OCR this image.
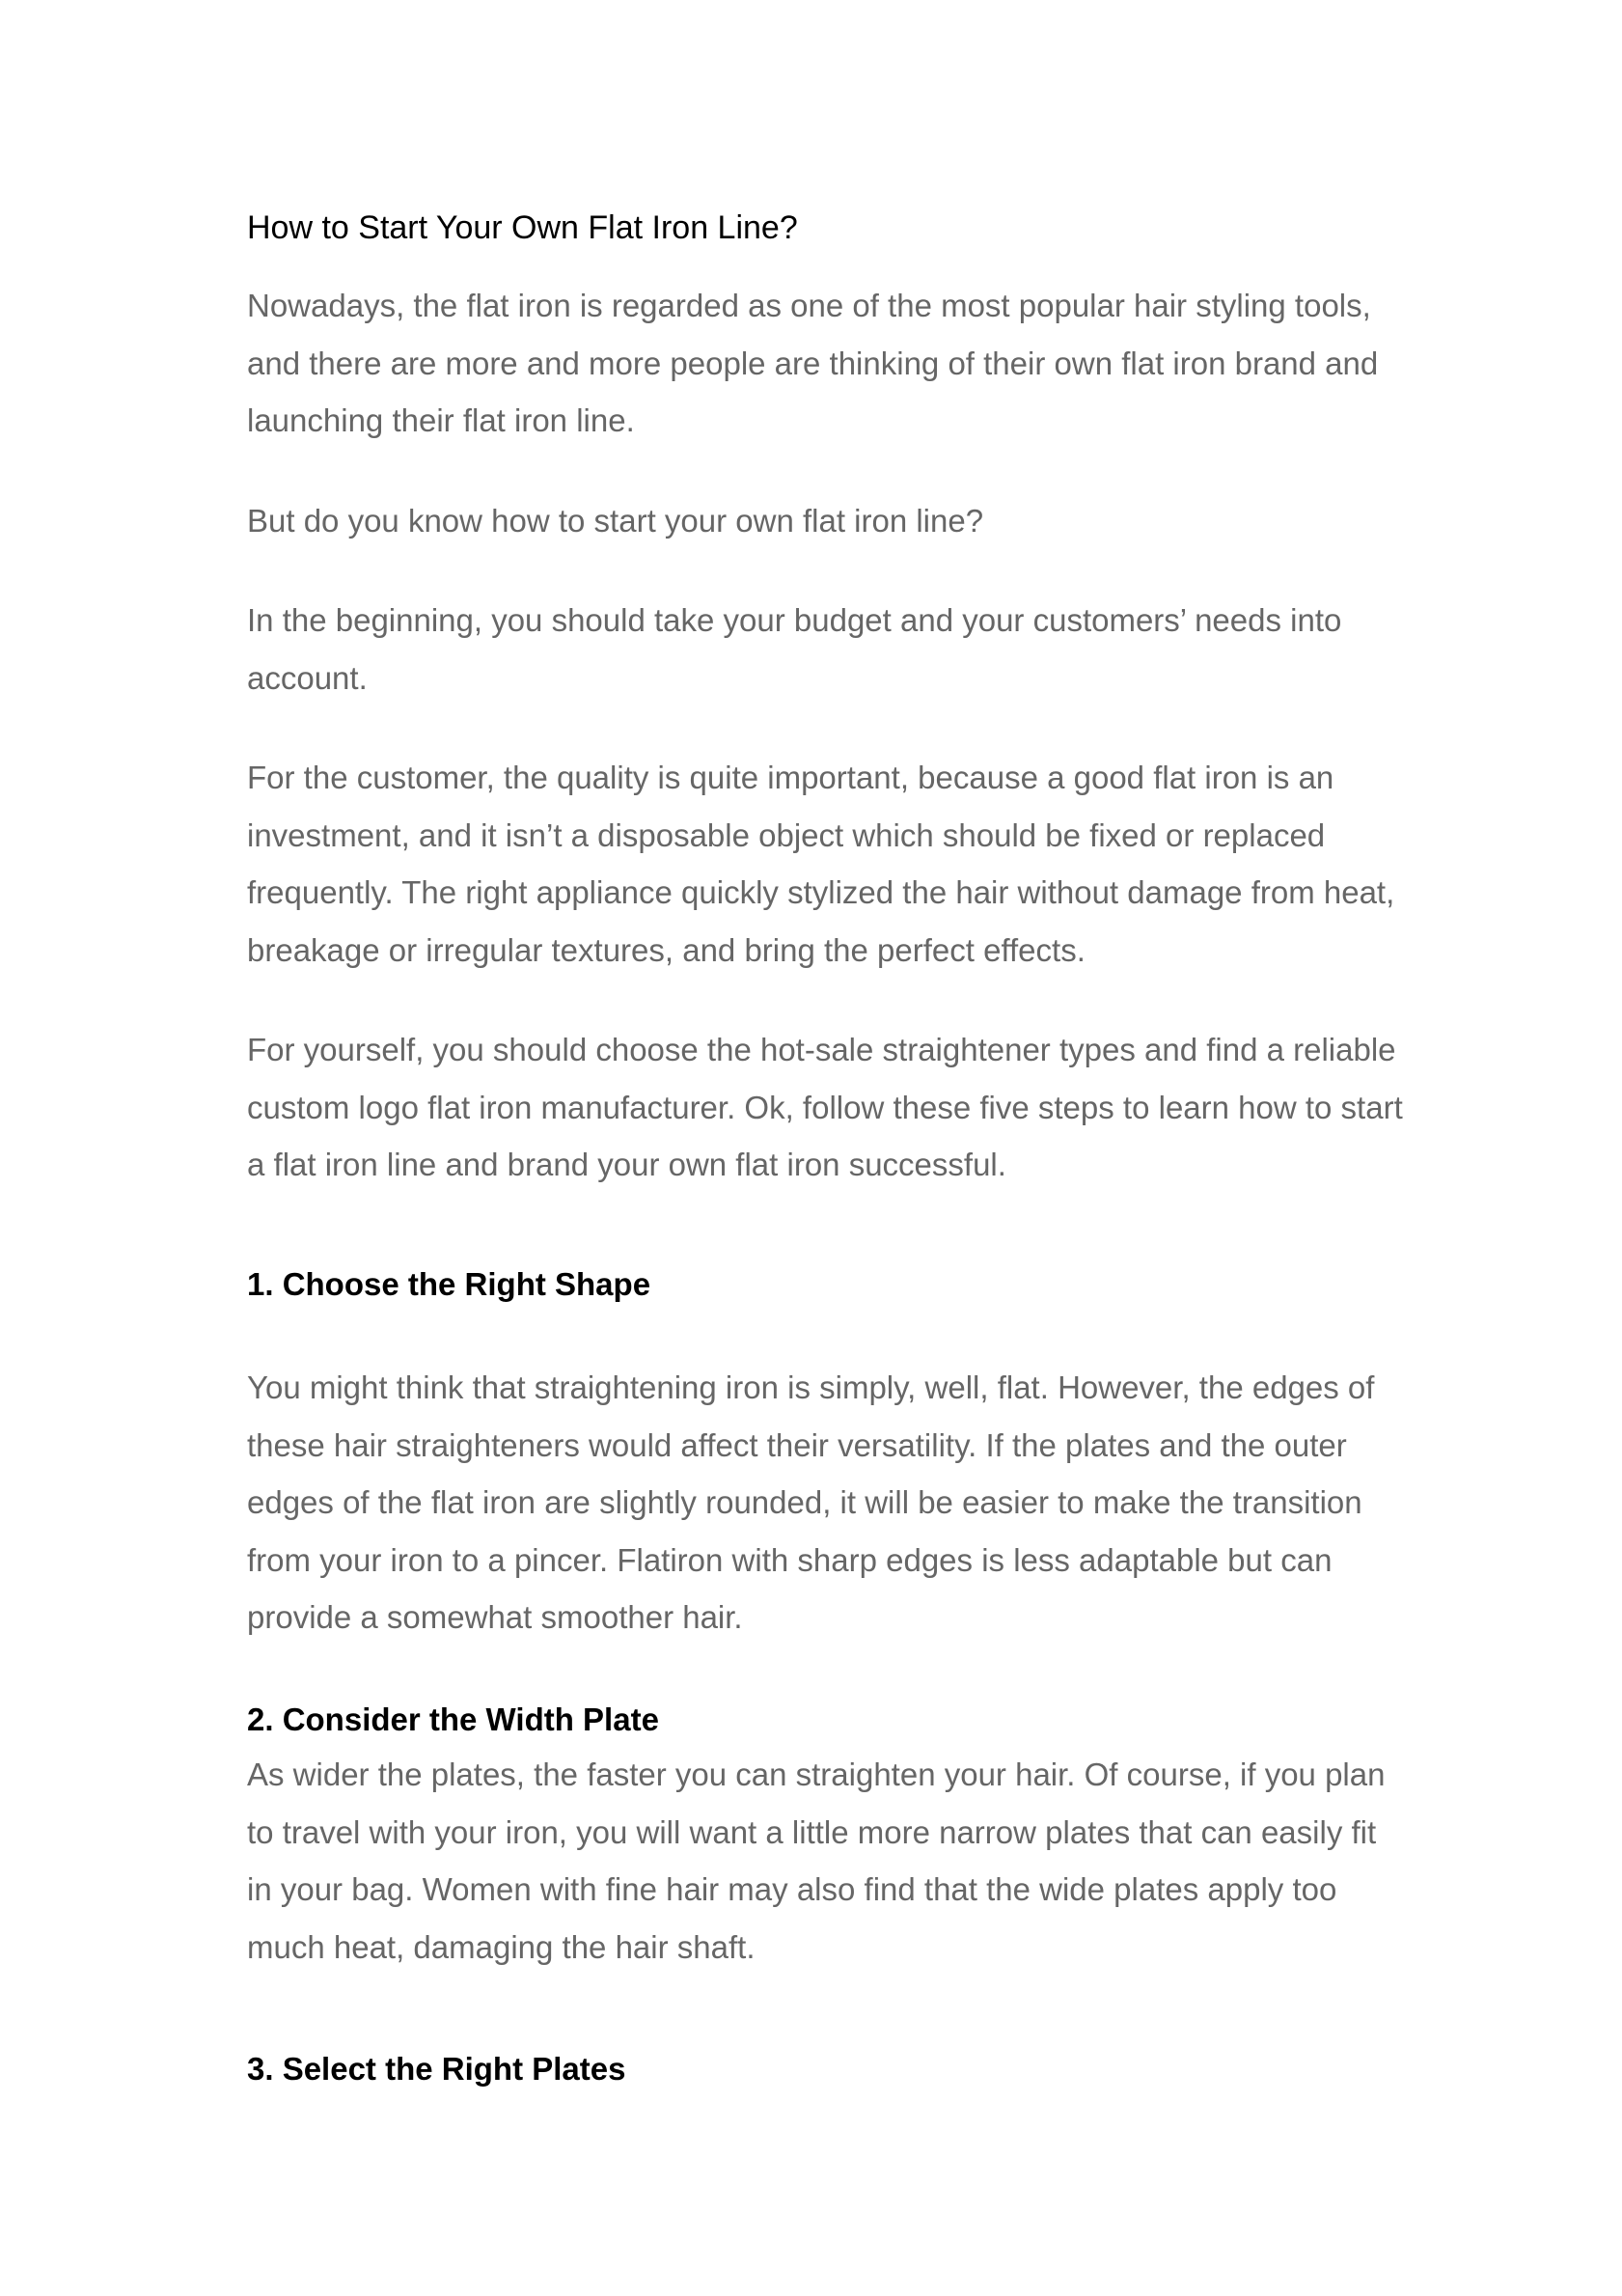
How to Start Your Own Flat Iron Line?

Nowadays, the flat iron is regarded as one of the most popular hair styling tools, and there are more and more people are thinking of their own flat iron brand and launching their flat iron line.

But do you know how to start your own flat iron line?

In the beginning, you should take your budget and your customers’ needs into account.

For the customer, the quality is quite important, because a good flat iron is an investment, and it isn’t a disposable object which should be fixed or replaced frequently. The right appliance quickly stylized the hair without damage from heat, breakage or irregular textures, and bring the perfect effects.

For yourself, you should choose the hot-sale straightener types and find a reliable custom logo flat iron manufacturer. Ok, follow these five steps to learn how to start a flat iron line and brand your own flat iron successful.

1. Choose the Right Shape

You might think that straightening iron is simply, well, flat. However, the edges of these hair straighteners would affect their versatility. If the plates and the outer edges of the flat iron are slightly rounded, it will be easier to make the transition from your iron to a pincer. Flatiron with sharp edges is less adaptable but can provide a somewhat smoother hair.

2. Consider the Width Plate

As wider the plates, the faster you can straighten your hair. Of course, if you plan to travel with your iron, you will want a little more narrow plates that can easily fit in your bag. Women with fine hair may also find that the wide plates apply too much heat, damaging the hair shaft.

3. Select the Right Plates
